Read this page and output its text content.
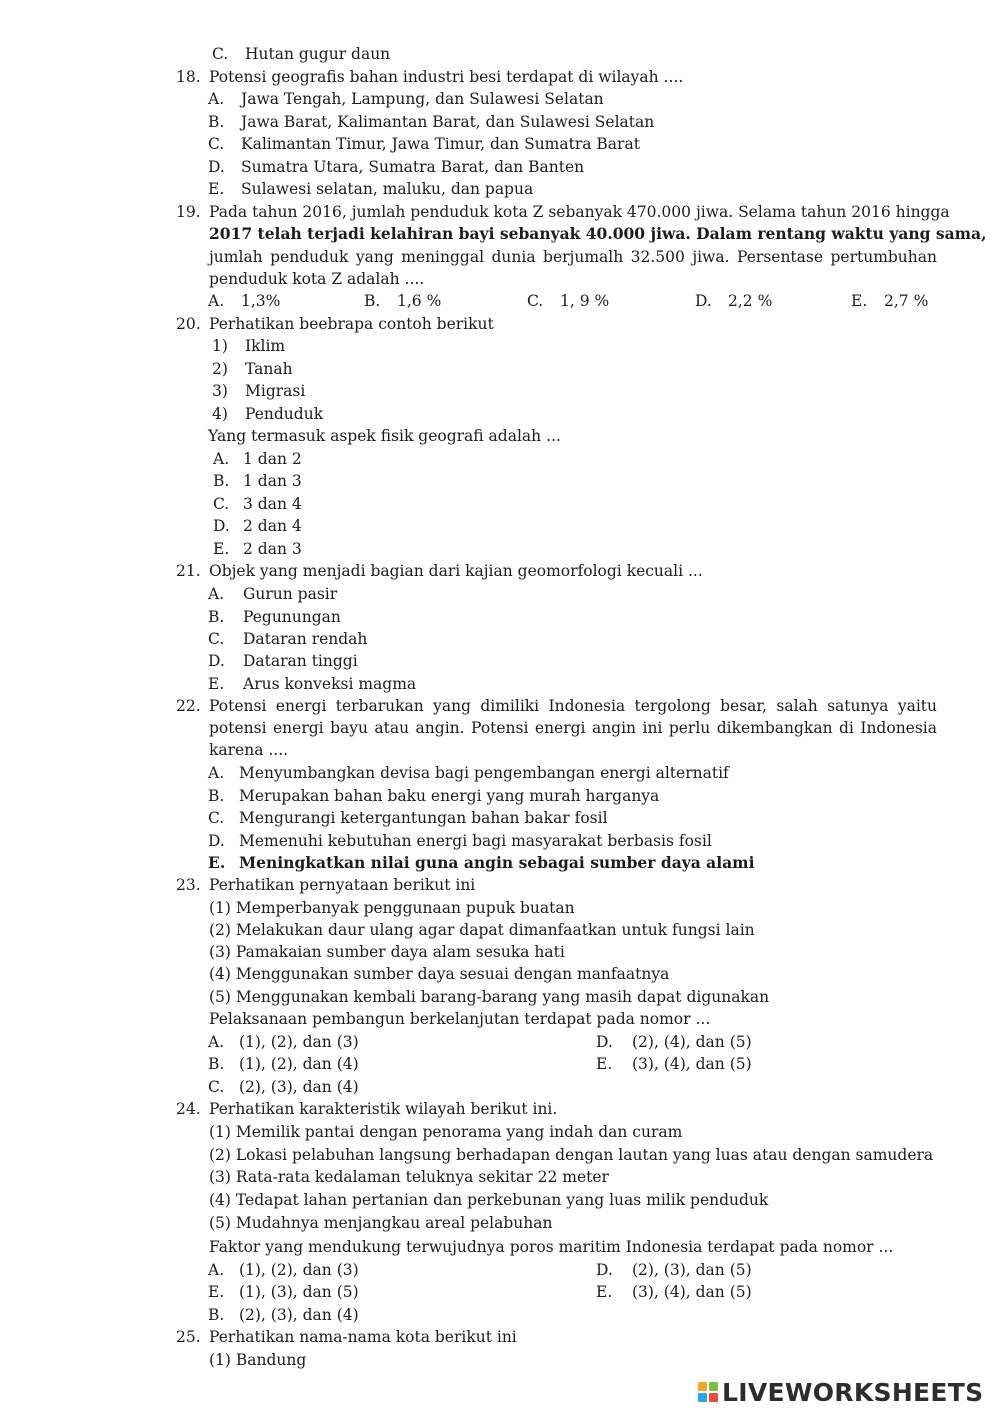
C. Hutan gugur daun
18. Potensi geografis bahan industri besi terdapat di wilayah ....
A. Jawa Tengah, Lampung, dan Sulawesi Selatan
B. Jawa Barat, Kalimantan Barat, dan Sulawesi Selatan
C. Kalimantan Timur, Jawa Timur, dan Sumatra Barat
D. Sumatra Utara, Sumatra Barat, dan Banten
E. Sulawesi selatan, maluku, dan papua
19. Pada tahun 2016, jumlah penduduk kota Z sebanyak 470.000 jiwa. Selama tahun 2016 hingga
2017 telah terjadi kelahiran bayi sebanyak 40.000 jiwa. Dalam rentang waktu yang sama,
jumlah penduduk yang meninggal dunia berjumalh 32.500 jiwa. Persentase pertumbuhan
penduduk kota Z adalah ....
A. 1,3%	B. 1,6 %	C. 1, 9 %	D. 2,2 %	E. 2,7 %
20. Perhatikan beebrapa contoh berikut
1) Iklim
2) Tanah
3) Migrasi
4) Penduduk
Yang termasuk aspek fisik geografi adalah ...
A. 1 dan 2
B. 1 dan 3
C. 3 dan 4
D. 2 dan 4
E. 2 dan 3
21. Objek yang menjadi bagian dari kajian geomorfologi kecuali ...
A. Gurun pasir
B. Pegunungan
C. Dataran rendah
D. Dataran tinggi
E. Arus konveksi magma
22. Potensi energi terbarukan yang dimiliki Indonesia tergolong besar, salah satunya yaitu
potensi energi bayu atau angin. Potensi energi angin ini perlu dikembangkan di Indonesia
karena ....
A. Menyumbangkan devisa bagi pengembangan energi alternatif
B. Merupakan bahan baku energi yang murah harganya
C. Mengurangi ketergantungan bahan bakar fosil
D. Memenuhi kebutuhan energi bagi masyarakat berbasis fosil
E. Meningkatkan nilai guna angin sebagai sumber daya alami
23. Perhatikan pernyataan berikut ini
(1) Memperbanyak penggunaan pupuk buatan
(2) Melakukan daur ulang agar dapat dimanfaatkan untuk fungsi lain
(3) Pamakaian sumber daya alam sesuka hati
(4) Menggunakan sumber daya sesuai dengan manfaatnya
(5) Menggunakan kembali barang-barang yang masih dapat digunakan
Pelaksanaan pembangun berkelanjutan terdapat pada nomor ...
A. (1), (2), dan (3)	D. (2), (4), dan (5)
B. (1), (2), dan (4)	E. (3), (4), dan (5)
C. (2), (3), dan (4)
24. Perhatikan karakteristik wilayah berikut ini.
(1) Memilik pantai dengan penorama yang indah dan curam
(2) Lokasi pelabuhan langsung berhadapan dengan lautan yang luas atau dengan samudera
(3) Rata-rata kedalaman teluknya sekitar 22 meter
(4) Tedapat lahan pertanian dan perkebunan yang luas milik penduduk
(5) Mudahnya menjangkau areal pelabuhan
Faktor yang mendukung terwujudnya poros maritim Indonesia terdapat pada nomor ...
A. (1), (2), dan (3)	D. (2), (3), dan (5)
E. (1), (3), dan (5)	E. (3), (4), dan (5)
B. (2), (3), dan (4)
25. Perhatikan nama-nama kota berikut ini
(1) Bandung
LIVEWORKSHEETS
